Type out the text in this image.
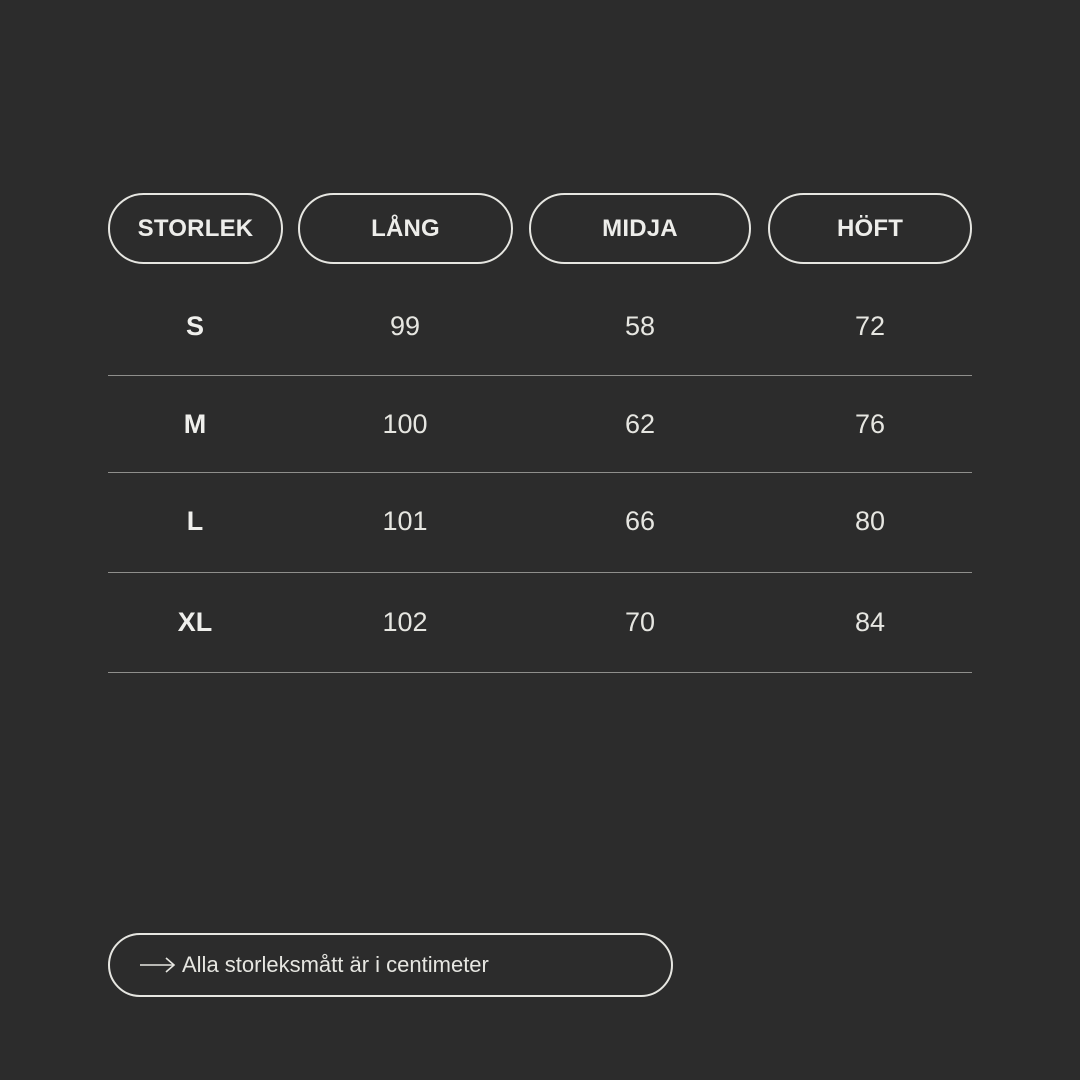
STORLEK	LÅNG	MIDJA	HÖFT
S	99	58	72
M	100	62	76
L	101	66	80
XL	102	70	84
Alla storleksmått är i centimeter
